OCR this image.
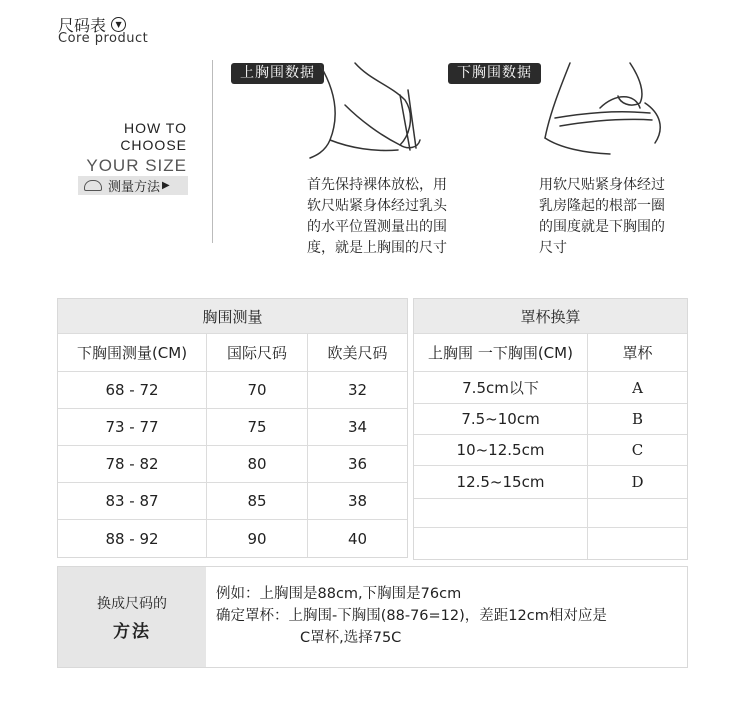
尺码表	▼
Core product
HOW TO
CHOOSE
YOUR SIZE
测量方法 ▶
上胸围数据
首先保持裸体放松，用
软尺贴紧身体经过乳头
的水平位置测量出的围
度，就是上胸围的尺寸
下胸围数据
用软尺贴紧身体经过
乳房隆起的根部一圈
的围度就是下胸围的
尺寸
胸围测量
下胸围测量(CM)	国际尺码	欧美尺码
68 - 72	70	32
73 - 77	75	34
78 - 82	80	36
83 - 87	85	38
88 - 92	90	40
罩杯换算
上胸围 一下胸围(CM)	罩杯
7.5cm以下	A
7.5~10cm	B
10~12.5cm	C
12.5~15cm	D
换成尺码的
方法
例如：上胸围是88cm,下胸围是76cm
确定罩杯：上胸围-下胸围(88-76=12)，差距12cm相对应是
C罩杯,选择75C
